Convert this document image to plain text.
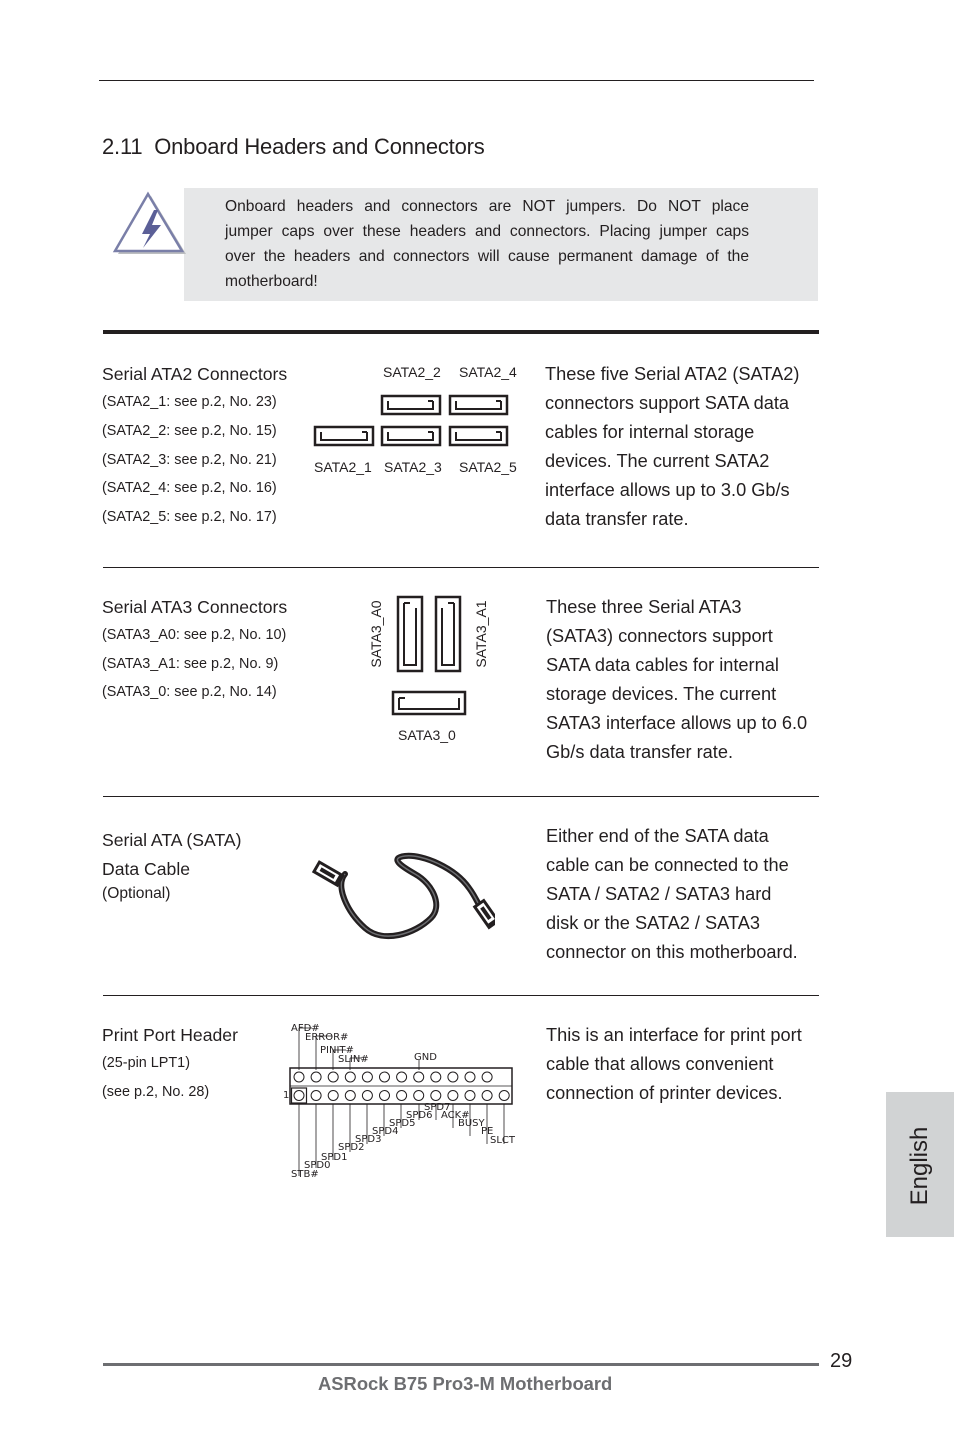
2.11 Onboard Headers and Connectors
Onboard headers and connectors are NOT jumpers. Do NOT place
jumper caps over these headers and connectors. Placing jumper caps
over the headers and connectors will cause permanent damage of the
motherboard!
Serial ATA2 Connectors
(SATA2_1: see p.2, No. 23)
(SATA2_2: see p.2, No. 15)
(SATA2_3: see p.2, No. 21)
(SATA2_4: see p.2, No. 16)
(SATA2_5: see p.2, No. 17)
SATA2_2 SATA2_4
SATA2_1 SATA2_3 SATA2_5
These five Serial ATA2 (SATA2)
connectors support SATA data
cables for internal storage
devices. The current SATA2
interface allows up to 3.0 Gb/s
data transfer rate.
Serial ATA3 Connectors
(SATA3_A0: see p.2, No. 10)
(SATA3_A1: see p.2, No. 9)
(SATA3_0: see p.2, No. 14)
SATA3_A0	SATA3_A1
SATA3_0
These three Serial ATA3
(SATA3) connectors support
SATA data cables for internal
storage devices. The current
SATA3 interface allows up to 6.0
Gb/s data transfer rate.
Serial ATA (SATA)
Data Cable
(Optional)
Either end of the SATA data
cable can be connected to the
SATA / SATA2 / SATA3 hard
disk or the SATA2 / SATA3
connector on this motherboard.
Print Port Header
(25-pin LPT1)
(see p.2, No. 28)
AFD#
ERROR#
PINIT#
SLIN#	GND
1
SPD7
SPD6
SPD5
SPD4
SPD3
SPD2
SPD1
SPD0
STB#
ACK#
BUSY
PE
SLCT
This is an interface for print port
cable that allows convenient
connection of printer devices.
English
29
ASRock B75 Pro3-M Motherboard
